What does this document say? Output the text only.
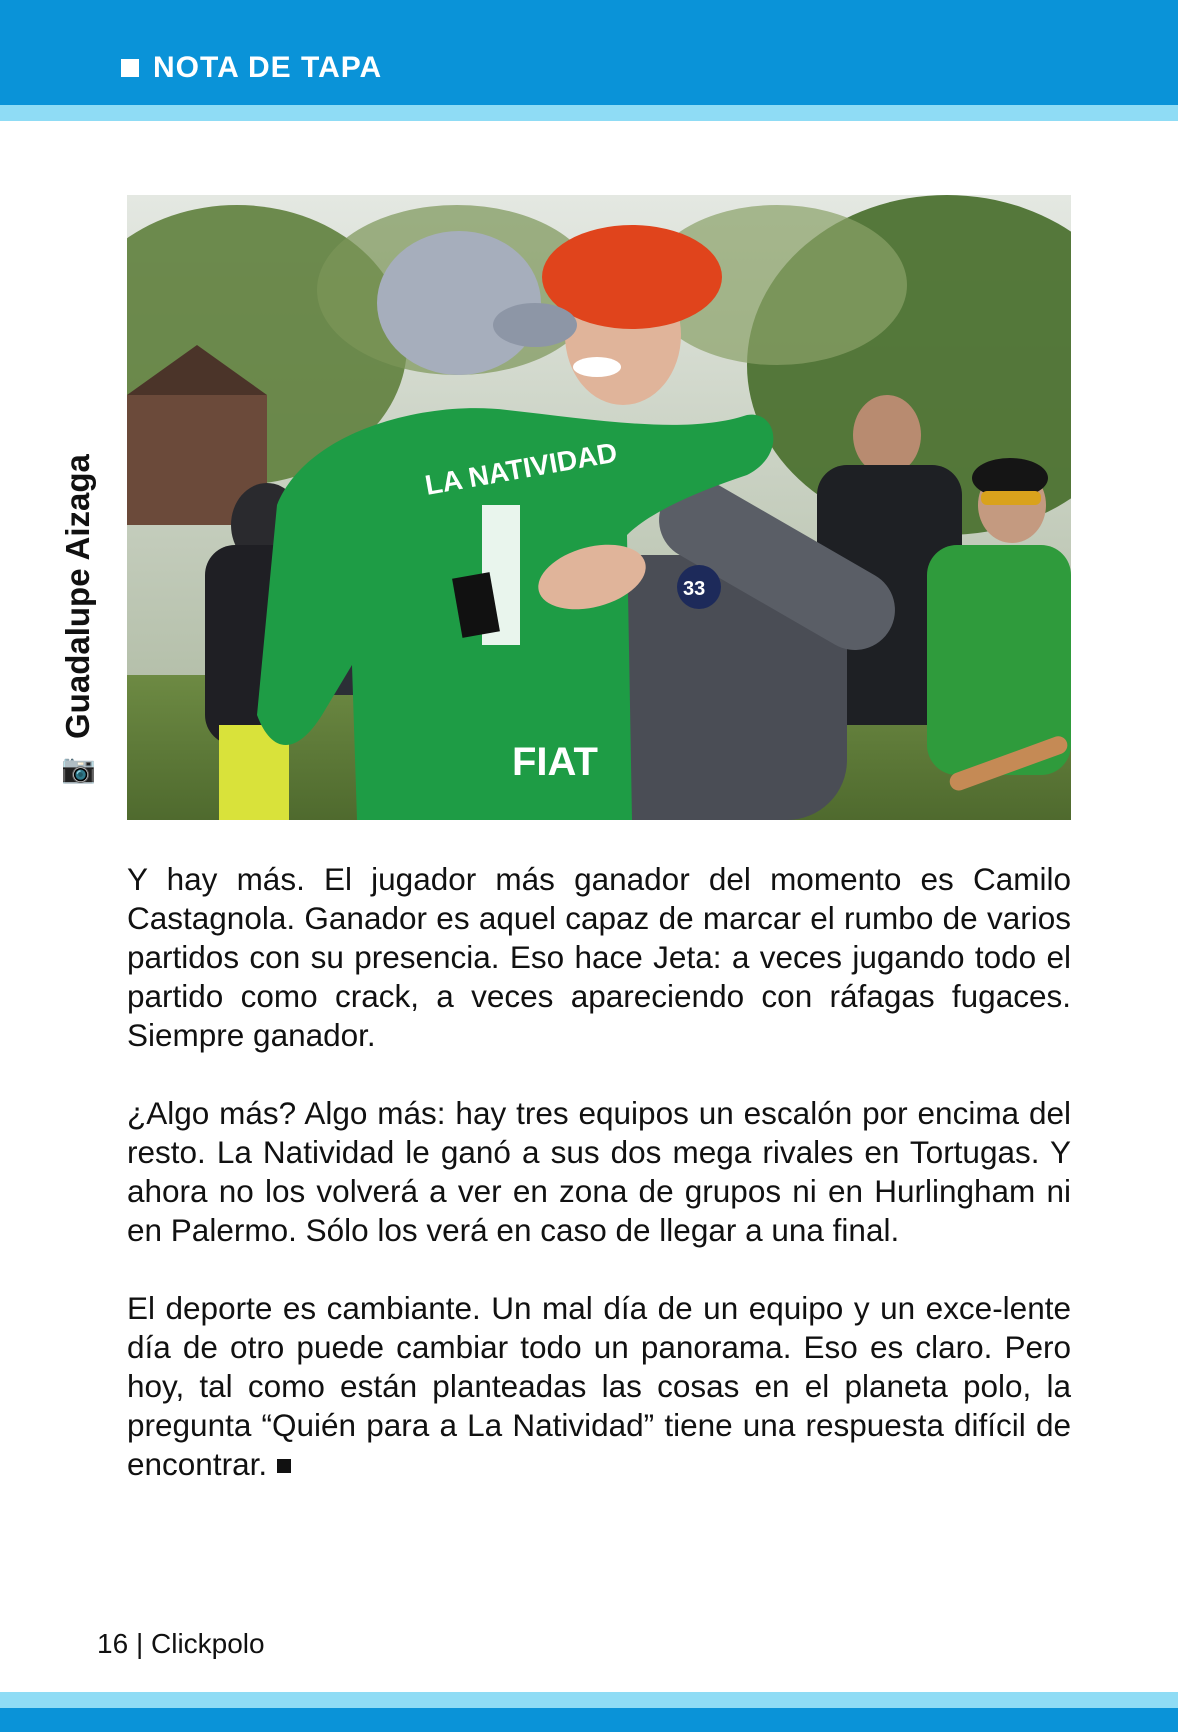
NOTA DE TAPA
📷
Guadalupe Aizaga	LA NATIVIDAD
FIAT
33

Y hay más. El jugador más ganador del momento es Camilo Castagnola. Ganador es aquel capaz de marcar el rumbo de varios partidos con su presencia. Eso hace Jeta: a veces jugando todo el partido como crack, a veces apareciendo con ráfagas fugaces. Siempre ganador.

¿Algo más? Algo más: hay tres equipos un escalón por encima del resto. La Natividad le ganó a sus dos mega rivales en Tortugas. Y ahora no los volverá a ver en zona de grupos ni en Hurlingham ni en Palermo. Sólo los verá en caso de llegar a una final.

El deporte es cambiante. Un mal día de un equipo y un exce-lente día de otro puede cambiar todo un panorama. Eso es claro. Pero hoy, tal como están planteadas las cosas en el planeta polo, la pregunta “Quién para a La Natividad” tiene una respuesta difícil de encontrar.

16 | Clickpolo
